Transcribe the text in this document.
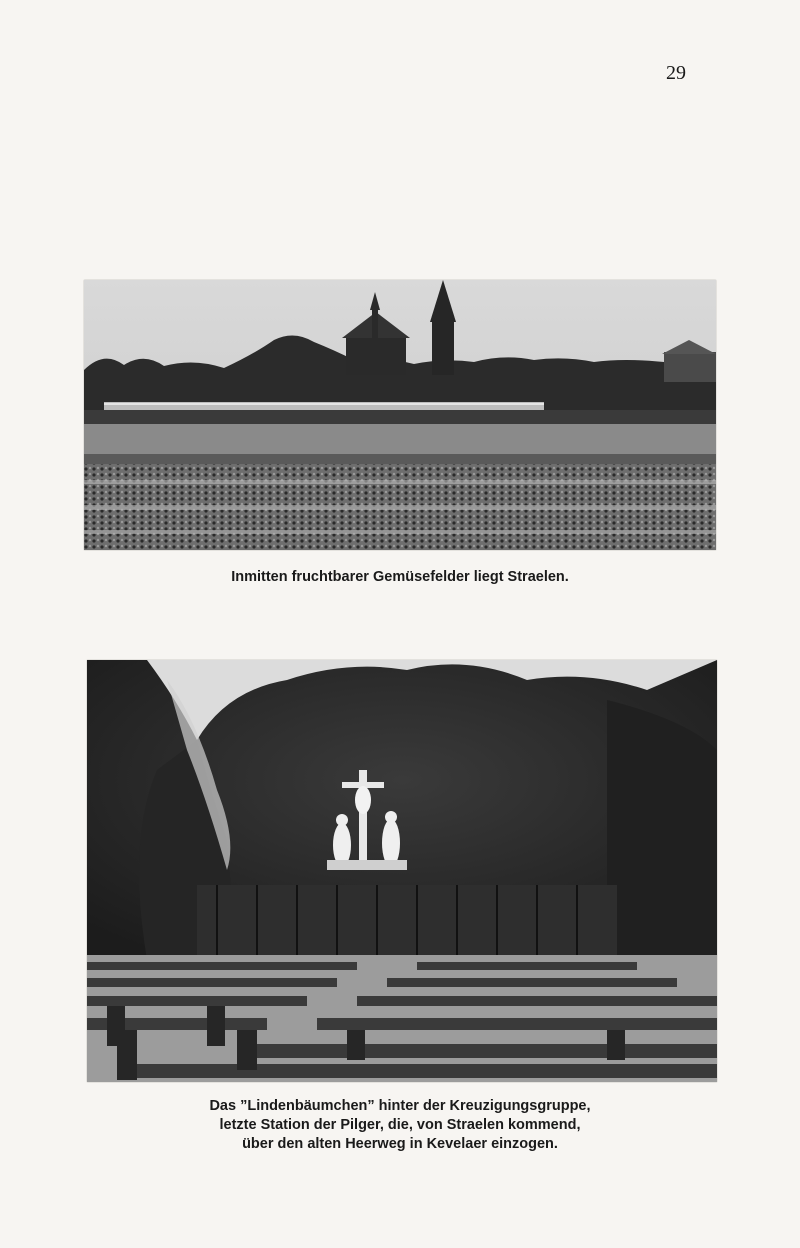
29
Inmitten fruchtbarer Gemüsefelder liegt Straelen.
Das ”Lindenbäumchen” hinter der Kreuzigungsgruppe,
letzte Station der Pilger, die, von Straelen kommend,
über den alten Heerweg in Kevelaer einzogen.
